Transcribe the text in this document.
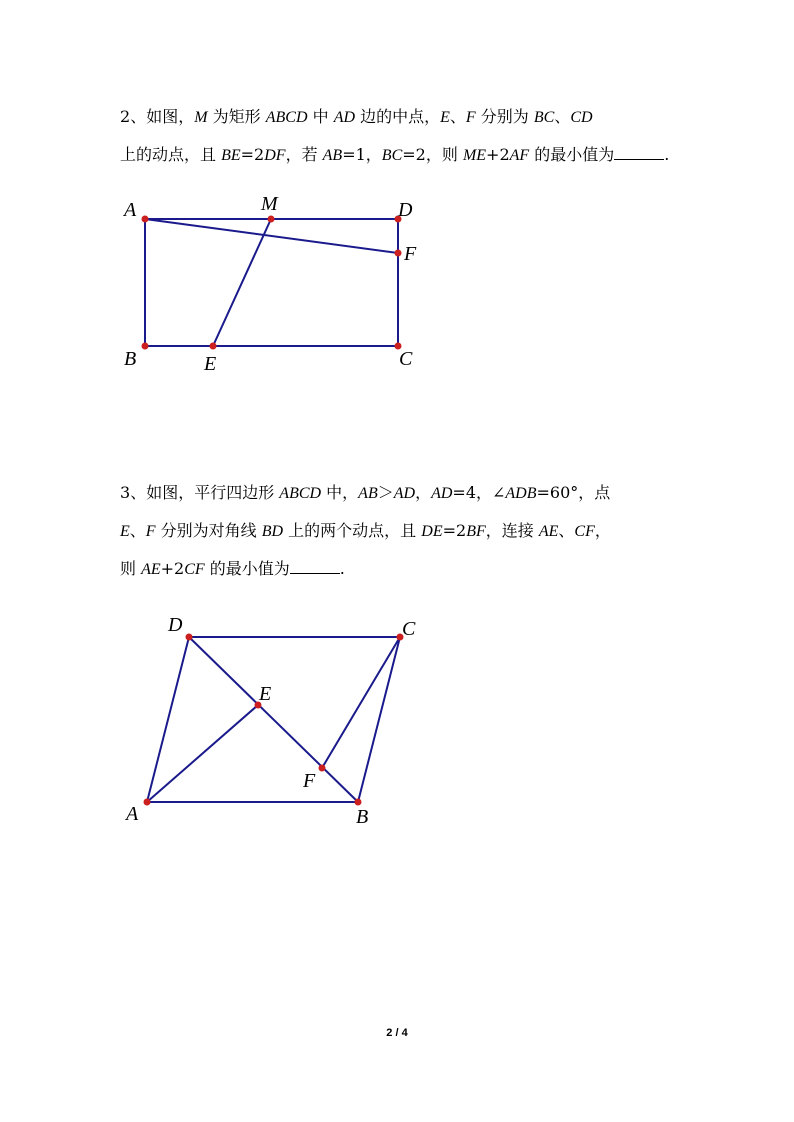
2、如图，M 为矩形 ABCD 中 AD 边的中点，E、F 分别为 BC、CD
上的动点，且 BE=2DF，若 AB=1，BC=2，则 ME+2AF 的最小值为	.
A	M	D
F
B	E	C
3、如图，平行四边形 ABCD 中，AB＞AD，AD=4，∠ADB=60°，点
E、F 分别为对角线 BD 上的两个动点，且 DE=2BF，连接 AE、CF，
则 AE+2CF 的最小值为	.
D	C
E
F
A	B
2 / 4
